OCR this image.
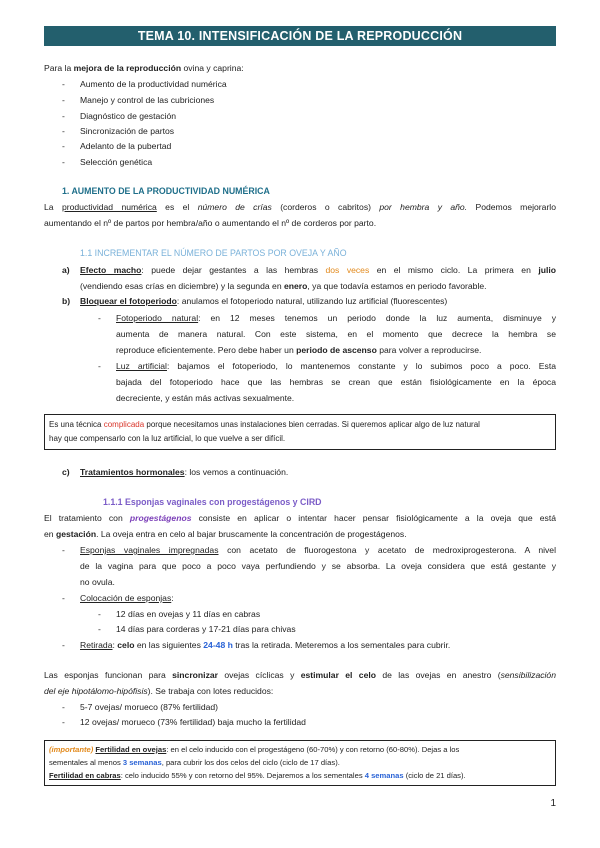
TEMA 10. INTENSIFICACIÓN DE LA REPRODUCCIÓN
Para la mejora de la reproducción ovina y caprina:
- Aumento de la productividad numérica
- Manejo y control de las cubriciones
- Diagnóstico de gestación
- Sincronización de partos
- Adelanto de la pubertad
- Selección genética
1. AUMENTO DE LA PRODUCTIVIDAD NUMÉRICA
La productividad numérica es el número de crías (corderos o cabritos) por hembra y año. Podemos mejorarlo
aumentando el nº de partos por hembra/año o aumentando el nº de corderos por parto.
1.1 INCREMENTAR EL NÚMERO DE PARTOS POR OVEJA Y AÑO
a) Efecto macho: puede dejar gestantes a las hembras dos veces en el mismo ciclo. La primera en julio
(vendiendo esas crías en diciembre) y la segunda en enero, ya que todavía estamos en periodo favorable.
b) Bloquear el fotoperiodo: anulamos el fotoperiodo natural, utilizando luz artificial (fluorescentes)
- Fotoperiodo natural: en 12 meses tenemos un periodo donde la luz aumenta, disminuye y
aumenta de manera natural. Con este sistema, en el momento que decrece la hembra se
reproduce eficientemente. Pero debe haber un periodo de ascenso para volver a reproducirse.
- Luz artificial: bajamos el fotoperiodo, lo mantenemos constante y lo subimos poco a poco. Esta
bajada del fotoperiodo hace que las hembras se crean que están fisiológicamente en la época
decreciente, y están más activas sexualmente.
Es una técnica complicada porque necesitamos unas instalaciones bien cerradas. Si queremos aplicar algo de luz natural
hay que compensarlo con la luz artificial, lo que vuelve a ser difícil.
c) Tratamientos hormonales: los vemos a continuación.
1.1.1 Esponjas vaginales con progestágenos y CIRD
El tratamiento con progestágenos consiste en aplicar o intentar hacer pensar fisiológicamente a la oveja que está
en gestación. La oveja entra en celo al bajar bruscamente la concentración de progestágenos.
- Esponjas vaginales impregnadas con acetato de fluorogestona y acetato de medroxiprogesterona. A nivel
de la vagina para que poco a poco vaya perfundiendo y se absorba. La oveja considera que está gestante y
no ovula.
- Colocación de esponjas:
- 12 días en ovejas y 11 días en cabras
- 14 días para corderas y 17-21 días para chivas
- Retirada: celo en las siguientes 24-48 h tras la retirada. Meteremos a los sementales para cubrir.
Las esponjas funcionan para sincronizar ovejas cíclicas y estimular el celo de las ovejas en anestro (sensibilización
del eje hipotálomo-hipófisis). Se trabaja con lotes reducidos:
- 5-7 ovejas/ morueco (87% fertilidad)
- 12 ovejas/ morueco (73% fertilidad) baja mucho la fertilidad
(importante) Fertilidad en ovejas: en el celo inducido con el progestágeno (60-70%) y con retorno (60-80%). Dejas a los
sementales al menos 3 semanas, para cubrir los dos celos del ciclo (ciclo de 17 días).
Fertilidad en cabras: celo inducido 55% y con retorno del 95%. Dejaremos a los sementales 4 semanas (ciclo de 21 días).
1
